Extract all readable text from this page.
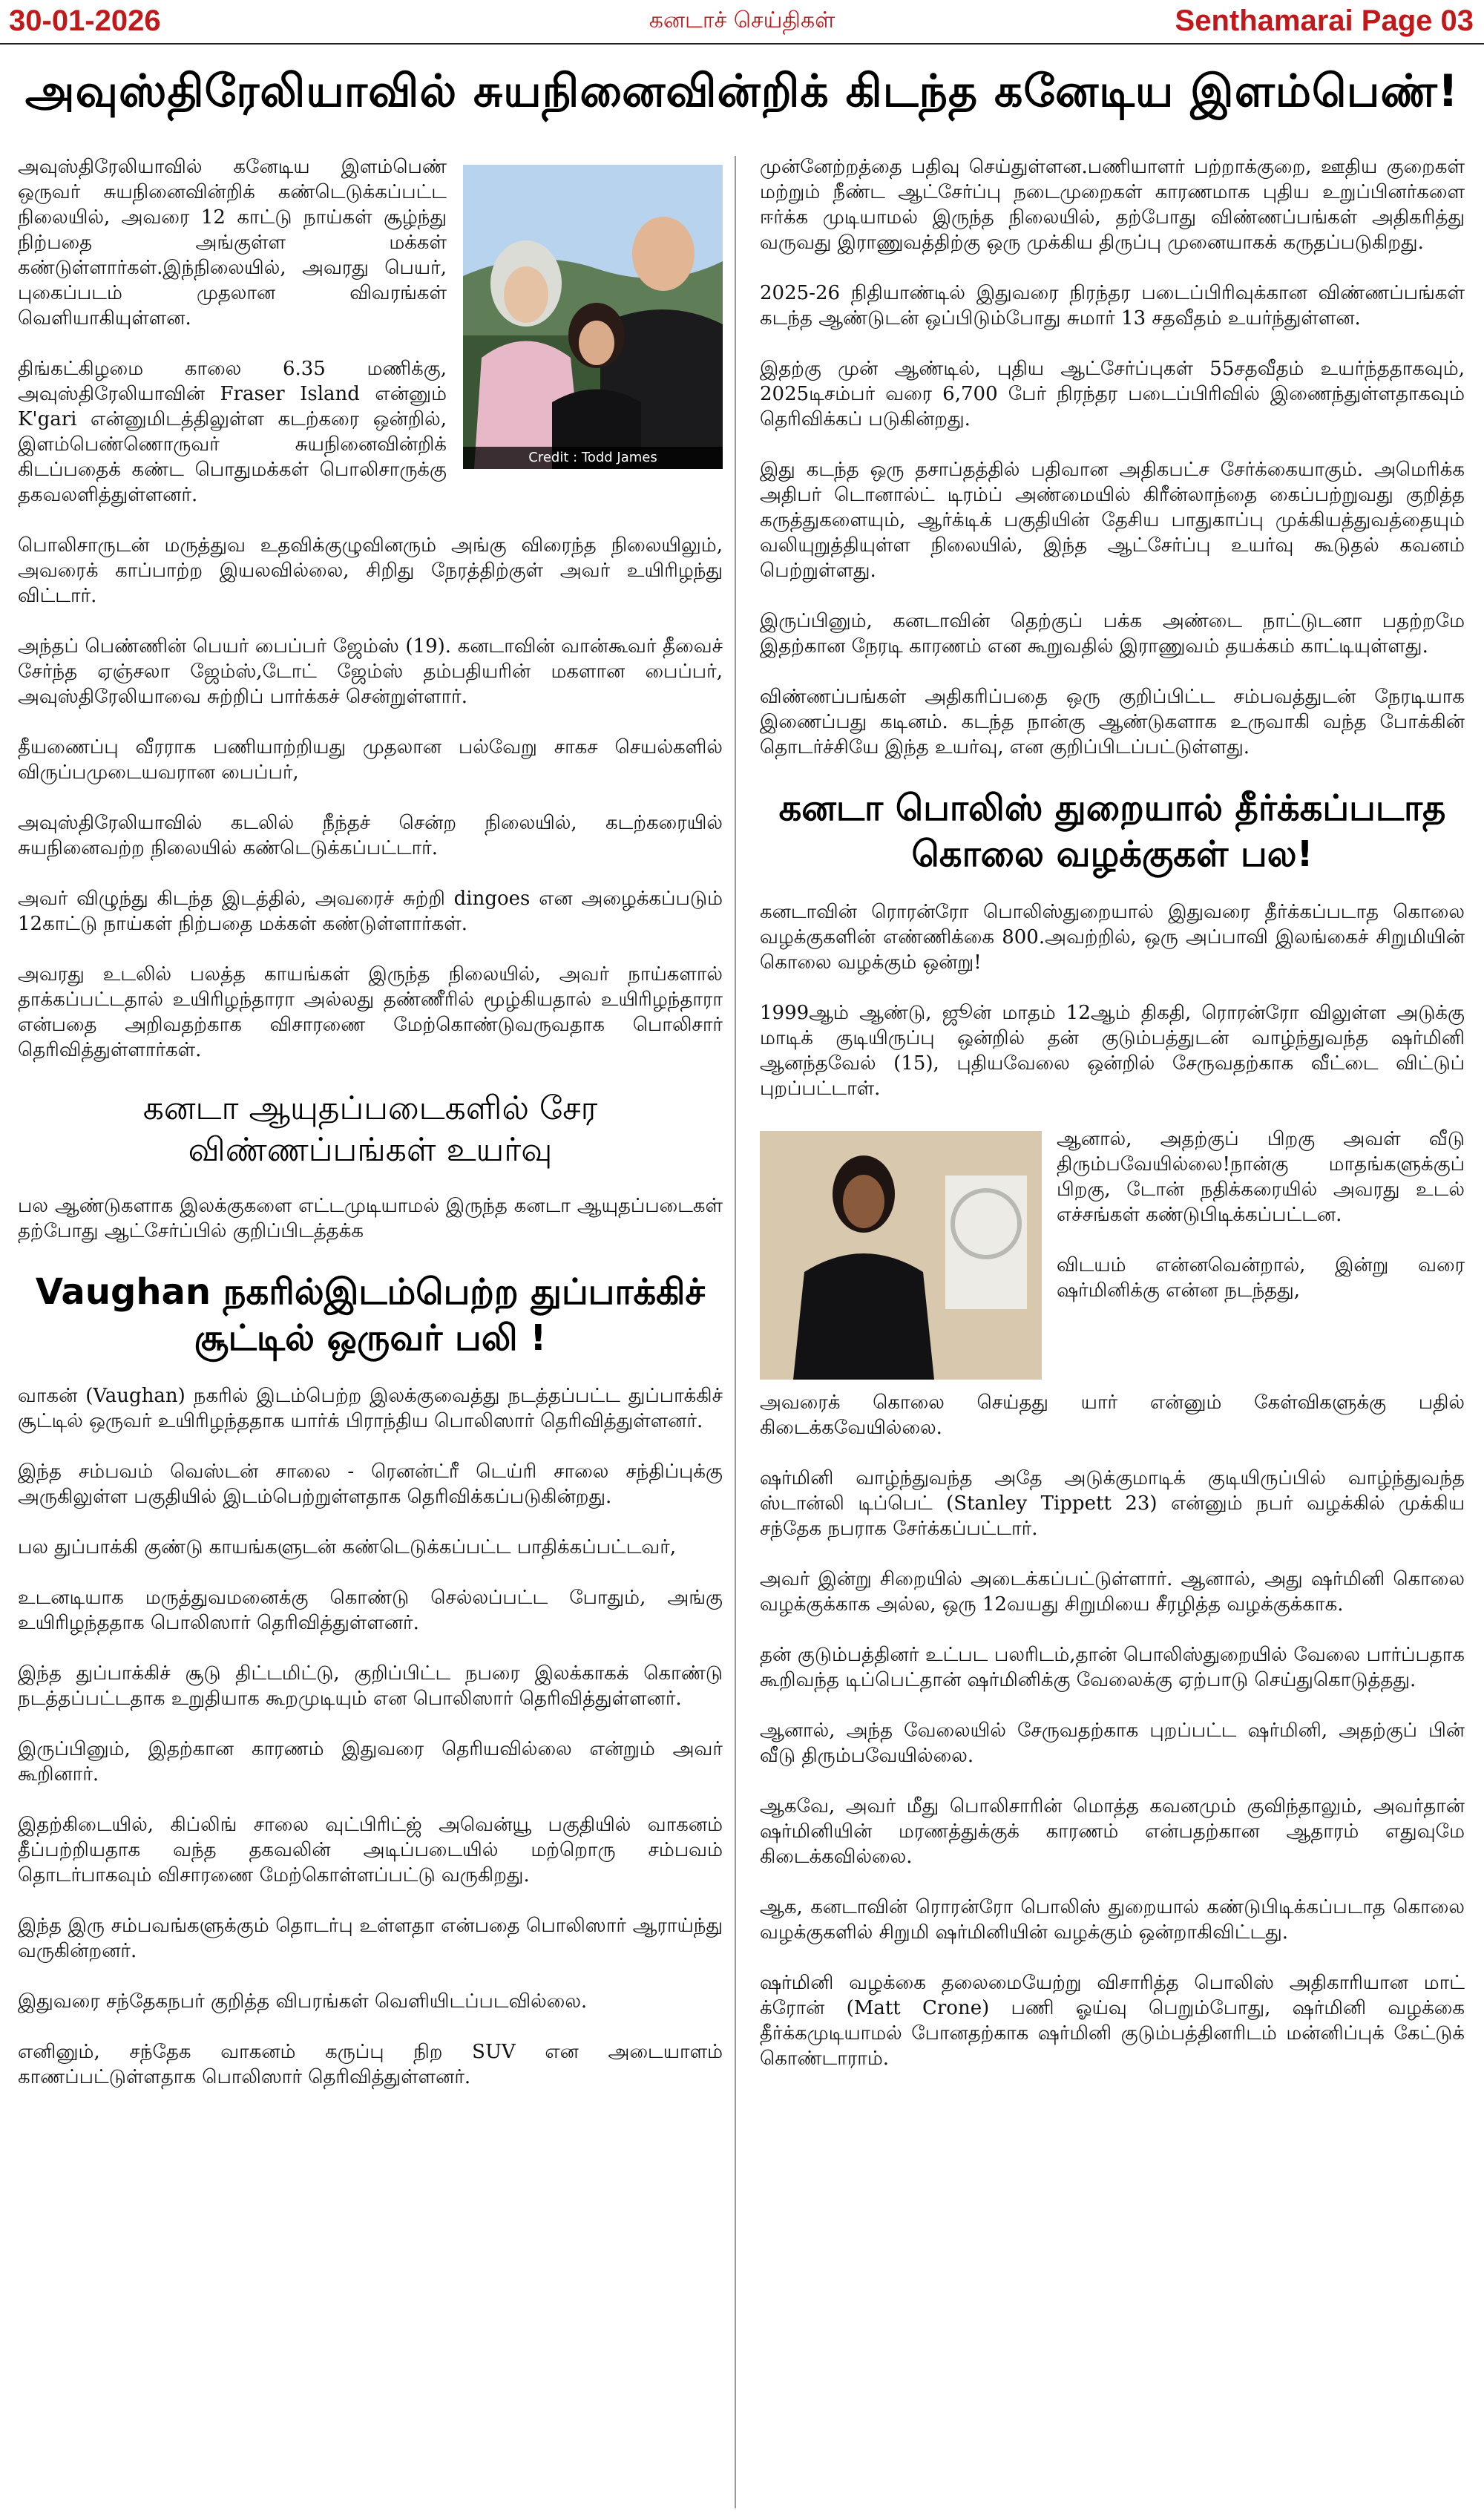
30-01-2026	கனடாச் செய்திகள்	Senthamarai Page 03
அவுஸ்திரேலியாவில் சுயநினைவின்றிக் கிடந்த கனேடிய இளம்பெண்!
Credit : Todd James

அவுஸ்திரேலியாவில் கனேடிய இளம்பெண் ஒருவர் சுயநினைவின்றிக் கண்டெடுக்கப்பட்ட நிலையில், அவரை 12 காட்டு நாய்கள் சூழ்ந்து நிற்பதை அங்குள்ள மக்கள் கண்டுள்ளார்கள்.இந்நிலையில், அவரது பெயர், புகைப்படம் முதலான விவரங்கள் வெளியாகியுள்ளன.

திங்கட்கிழமை காலை 6.35 மணிக்கு, அவுஸ்திரேலியாவின் Fraser Island என்னும் K'gari என்னுமிடத்திலுள்ள கடற்கரை ஒன்றில், இளம்பெண்ணொருவர் சுயநினைவின்றிக் கிடப்பதைக் கண்ட பொதுமக்கள் பொலிசாருக்கு தகவலளித்துள்ளனர்.

பொலிசாருடன் மருத்துவ உதவிக்குழுவினரும் அங்கு விரைந்த நிலையிலும், அவரைக் காப்பாற்ற இயலவில்லை, சிறிது நேரத்திற்குள் அவர் உயிரிழந்து விட்டார்.

அந்தப் பெண்ணின் பெயர் பைப்பர் ஜேம்ஸ் (19). கனடாவின் வான்கூவர் தீவைச் சேர்ந்த ஏஞ்சலா ஜேம்ஸ்,டோட் ஜேம்ஸ் தம்பதியரின் மகளான பைப்பர், அவுஸ்திரேலியாவை சுற்றிப் பார்க்கச் சென்றுள்ளார்.

தீயணைப்பு வீரராக பணியாற்றியது முதலான பல்வேறு சாகச செயல்களில் விருப்பமுடையவரான பைப்பர்,

அவுஸ்திரேலியாவில் கடலில் நீந்தச் சென்ற நிலையில், கடற்கரையில் சுயநினைவற்ற நிலையில் கண்டெடுக்கப்பட்டார்.

அவர் விழுந்து கிடந்த இடத்தில், அவரைச் சுற்றி dingoes என அழைக்கப்படும் 12காட்டு நாய்கள் நிற்பதை மக்கள் கண்டுள்ளார்கள்.

அவரது உடலில் பலத்த காயங்கள் இருந்த நிலையில், அவர் நாய்களால் தாக்கப்பட்டதால் உயிரிழந்தாரா அல்லது தண்ணீரில் மூழ்கியதால் உயிரிழந்தாரா என்பதை அறிவதற்காக விசாரணை மேற்கொண்டுவருவதாக பொலிசார் தெரிவித்துள்ளார்கள்.

கனடா ஆயுதப்படைகளில் சேர விண்ணப்பங்கள் உயர்வு

பல ஆண்டுகளாக இலக்குகளை எட்டமுடியாமல் இருந்த கனடா ஆயுதப்படைகள் தற்போது ஆட்சேர்ப்பில் குறிப்பிடத்தக்க

Vaughan நகரில்இடம்பெற்ற துப்பாக்கிச் சூட்டில் ஒருவர் பலி !

வாகன் (Vaughan) நகரில் இடம்பெற்ற இலக்குவைத்து நடத்தப்பட்ட துப்பாக்கிச் சூட்டில் ஒருவர் உயிரிழந்ததாக யார்க் பிராந்திய பொலிஸார் தெரிவித்துள்ளனர்.

இந்த சம்பவம் வெஸ்டன் சாலை - ரெனன்ட்ரீ டெய்ரி சாலை சந்திப்புக்கு அருகிலுள்ள பகுதியில் இடம்பெற்றுள்ளதாக தெரிவிக்கப்படுகின்றது.

பல துப்பாக்கி குண்டு காயங்களுடன் கண்டெடுக்கப்பட்ட பாதிக்கப்பட்டவர்,

உடனடியாக மருத்துவமனைக்கு கொண்டு செல்லப்பட்ட போதும், அங்கு உயிரிழந்ததாக பொலிஸார் தெரிவித்துள்ளனர்.

இந்த துப்பாக்கிச் சூடு திட்டமிட்டு, குறிப்பிட்ட நபரை இலக்காகக் கொண்டு நடத்தப்பட்டதாக உறுதியாக கூறமுடியும் என பொலிஸார் தெரிவித்துள்ளனர்.

இருப்பினும், இதற்கான காரணம் இதுவரை தெரியவில்லை என்றும் அவர் கூறினார்.

இதற்கிடையில், கிப்லிங் சாலை வுட்பிரிட்ஜ் அவென்யூ பகுதியில் வாகனம் தீப்பற்றியதாக வந்த தகவலின் அடிப்படையில் மற்றொரு சம்பவம் தொடர்பாகவும் விசாரணை மேற்கொள்ளப்பட்டு வருகிறது.

இந்த இரு சம்பவங்களுக்கும் தொடர்பு உள்ளதா என்பதை பொலிஸார் ஆராய்ந்து வருகின்றனர்.

இதுவரை சந்தேகநபர் குறித்த விபரங்கள் வெளியிடப்படவில்லை.

எனினும், சந்தேக வாகனம் கருப்பு நிற SUV என அடையாளம் காணப்பட்டுள்ளதாக பொலிஸார் தெரிவித்துள்ளனர்.

முன்னேற்றத்தை பதிவு செய்துள்ளன.பணியாளர் பற்றாக்குறை, ஊதிய குறைகள் மற்றும் நீண்ட ஆட்சேர்ப்பு நடைமுறைகள் காரணமாக புதிய உறுப்பினர்களை ஈர்க்க முடியாமல் இருந்த நிலையில், தற்போது விண்ணப்பங்கள் அதிகரித்து வருவது இராணுவத்திற்கு ஒரு முக்கிய திருப்பு முனையாகக் கருதப்படுகிறது.

2025-26 நிதியாண்டில் இதுவரை நிரந்தர படைப்பிரிவுக்கான விண்ணப்பங்கள் கடந்த ஆண்டுடன் ஒப்பிடும்போது சுமார் 13 சதவீதம் உயர்ந்துள்ளன.

இதற்கு முன் ஆண்டில், புதிய ஆட்சேர்ப்புகள் 55சதவீதம் உயர்ந்ததாகவும், 2025டிசம்பர் வரை 6,700 பேர் நிரந்தர படைப்பிரிவில் இணைந்துள்ளதாகவும் தெரிவிக்கப் படுகின்றது.

இது கடந்த ஒரு தசாப்தத்தில் பதிவான அதிகபட்ச சேர்க்கையாகும். அமெரிக்க அதிபர் டொனால்ட் டிரம்ப் அண்மையில் கிரீன்லாந்தை கைப்பற்றுவது குறித்த கருத்துகளையும், ஆர்க்டிக் பகுதியின் தேசிய பாதுகாப்பு முக்கியத்துவத்தையும் வலியுறுத்தியுள்ள நிலையில், இந்த ஆட்சேர்ப்பு உயர்வு கூடுதல் கவனம் பெற்றுள்ளது.

இருப்பினும், கனடாவின் தெற்குப் பக்க அண்டை நாட்டுடனா பதற்றமே இதற்கான நேரடி காரணம் என கூறுவதில் இராணுவம் தயக்கம் காட்டியுள்ளது.

விண்ணப்பங்கள் அதிகரிப்பதை ஒரு குறிப்பிட்ட சம்பவத்துடன் நேரடியாக இணைப்பது கடினம். கடந்த நான்கு ஆண்டுகளாக உருவாகி வந்த போக்கின் தொடர்ச்சியே இந்த உயர்வு, என குறிப்பிடப்பட்டுள்ளது.

கனடா பொலிஸ் துறையால் தீர்க்கப்படாத கொலை வழக்குகள் பல!

கனடாவின் ரொரன்ரோ பொலிஸ்துறையால் இதுவரை தீர்க்கப்படாத கொலை வழக்குகளின் எண்ணிக்கை 800.அவற்றில், ஒரு அப்பாவி இலங்கைச் சிறுமியின் கொலை வழக்கும் ஒன்று!

1999ஆம் ஆண்டு, ஜூன் மாதம் 12ஆம் திகதி, ரொரன்ரோ விலுள்ள அடுக்கு மாடிக் குடியிருப்பு ஒன்றில் தன் குடும்பத்துடன் வாழ்ந்துவந்த ஷர்மினி ஆனந்தவேல் (15), புதியவேலை ஒன்றில் சேருவதற்காக வீட்டை விட்டுப் புறப்பட்டாள்.

ஆனால், அதற்குப் பிறகு அவள் வீடு திரும்பவேயில்லை!நான்கு மாதங்களுக்குப் பிறகு, டோன் நதிக்கரையில் அவரது உடல் எச்சங்கள் கண்டுபிடிக்கப்பட்டன.

விடயம் என்னவென்றால், இன்று வரை ஷர்மினிக்கு என்ன நடந்தது,

அவரைக் கொலை செய்தது யார் என்னும் கேள்விகளுக்கு பதில் கிடைக்கவேயில்லை.

ஷர்மினி வாழ்ந்துவந்த அதே அடுக்குமாடிக் குடியிருப்பில் வாழ்ந்துவந்த ஸ்டான்லி டிப்பெட் (Stanley Tippett 23) என்னும் நபர் வழக்கில் முக்கிய சந்தேக நபராக சேர்க்கப்பட்டார்.

அவர் இன்று சிறையில் அடைக்கப்பட்டுள்ளார். ஆனால், அது ஷர்மினி கொலை வழக்குக்காக அல்ல, ஒரு 12வயது சிறுமியை சீரழித்த வழக்குக்காக.

தன் குடும்பத்தினர் உட்பட பலரிடம்,தான் பொலிஸ்துறையில் வேலை பார்ப்பதாக கூறிவந்த டிப்பெட்தான் ஷர்மினிக்கு வேலைக்கு ஏற்பாடு செய்துகொடுத்தது.

ஆனால், அந்த வேலையில் சேருவதற்காக புறப்பட்ட ஷர்மினி, அதற்குப் பின் வீடு திரும்பவேயில்லை.

ஆகவே, அவர் மீது பொலிசாரின் மொத்த கவனமும் குவிந்தாலும், அவர்தான் ஷர்மினியின் மரணத்துக்குக் காரணம் என்பதற்கான ஆதாரம் எதுவுமே கிடைக்கவில்லை.

ஆக, கனடாவின் ரொரன்ரோ பொலிஸ் துறையால் கண்டுபிடிக்கப்படாத கொலை வழக்குகளில் சிறுமி ஷர்மினியின் வழக்கும் ஒன்றாகிவிட்டது.

ஷர்மினி வழக்கை தலைமையேற்று விசாரித்த பொலிஸ் அதிகாரியான மாட் க்ரோன் (Matt Crone) பணி ஓய்வு பெறும்போது, ஷர்மினி வழக்கை தீர்க்கமுடியாமல் போனதற்காக ஷர்மினி குடும்பத்தினரிடம் மன்னிப்புக் கேட்டுக் கொண்டாராம்.
